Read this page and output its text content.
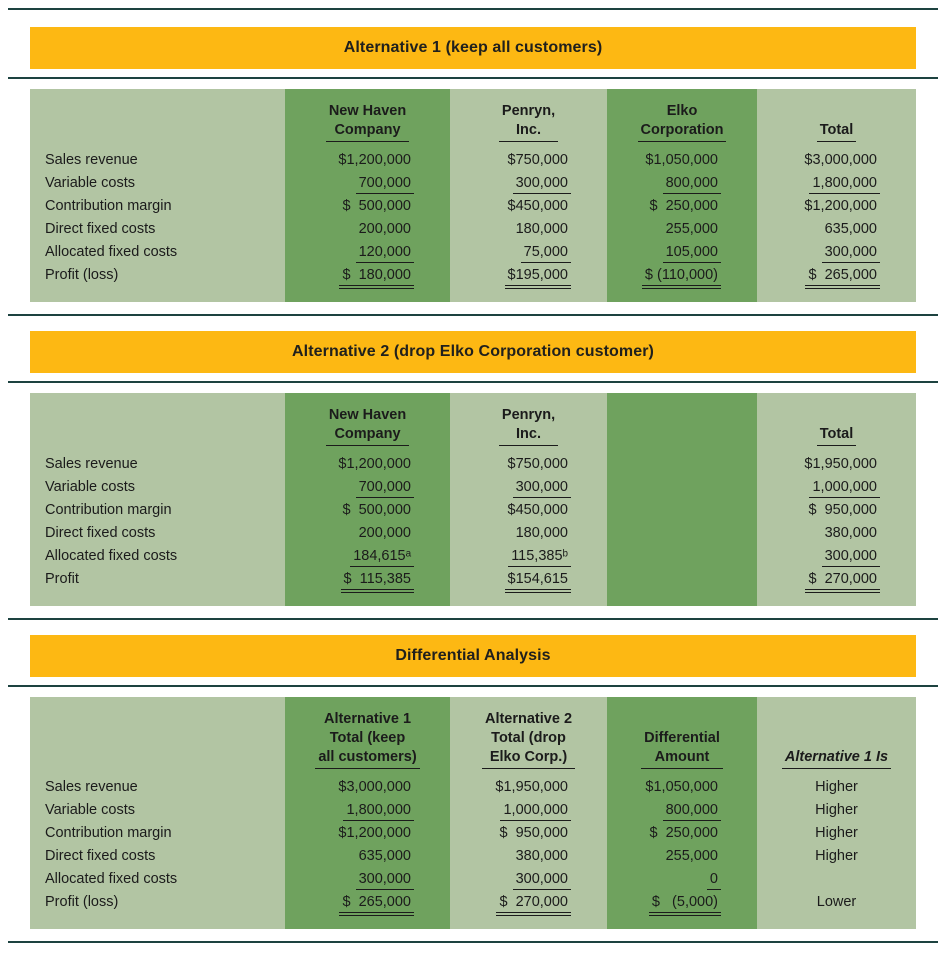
Alternative 1 (keep all customers)
New Haven
Company
Penryn,
Inc.
Elko
Corporation	Total
Sales revenue	$1,200,000	$750,000	$1,050,000	$3,000,000
Variable costs	700,000	300,000	800,000	1,800,000
Contribution margin	$  500,000	$450,000	$  250,000	$1,200,000
Direct fixed costs	200,000	180,000	255,000	635,000
Allocated fixed costs	120,000	75,000	105,000	300,000
Profit (loss)	$  180,000	$195,000	$ (110,000)	$  265,000
Alternative 2 (drop Elko Corporation customer)
New Haven
Company
Penryn,
Inc.	Total
Sales revenue	$1,200,000	$750,000	$1,950,000
Variable costs	700,000	300,000	1,000,000
Contribution margin	$  500,000	$450,000	$  950,000
Direct fixed costs	200,000	180,000	380,000
Allocated fixed costs	184,615ᵃ	115,385ᵇ	300,000
Profit	$  115,385	$154,615	$  270,000
Differential Analysis
Alternative 1
Total (keep
all customers)
Alternative 2
Total (drop
Elko Corp.)
Differential
Amount	Alternative 1 Is
Sales revenue	$3,000,000	$1,950,000	$1,050,000	Higher
Variable costs	1,800,000	1,000,000	800,000	Higher
Contribution margin	$1,200,000	$  950,000	$  250,000	Higher
Direct fixed costs	635,000	380,000	255,000	Higher
Allocated fixed costs	300,000	300,000	0
Profit (loss)	$  265,000	$  270,000	$   (5,000)	Lower
